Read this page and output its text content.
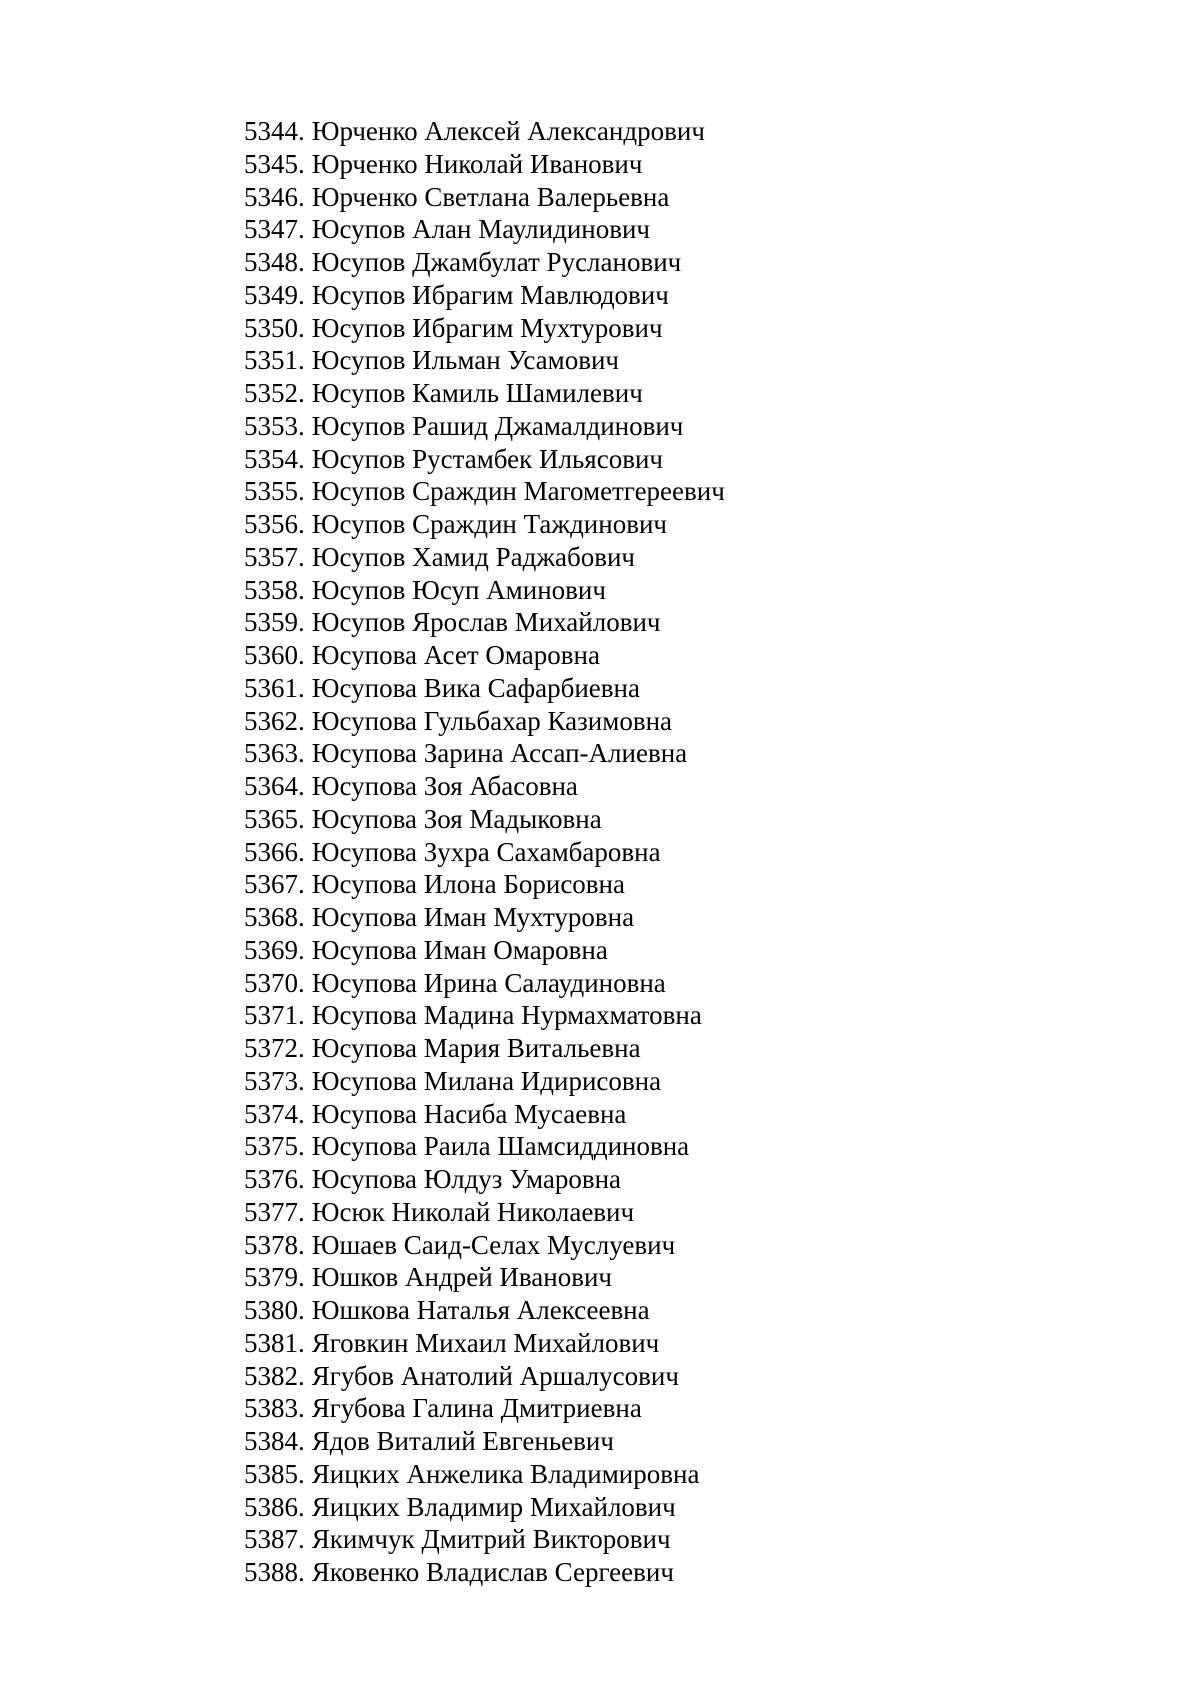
5344. Юрченко Алексей Александрович
5345. Юрченко Николай Иванович
5346. Юрченко Светлана Валерьевна
5347. Юсупов Алан Маулидинович
5348. Юсупов Джамбулат Русланович
5349. Юсупов Ибрагим Мавлюдович
5350. Юсупов Ибрагим Мухтурович
5351. Юсупов Ильман Усамович
5352. Юсупов Камиль Шамилевич
5353. Юсупов Рашид Джамалдинович
5354. Юсупов Рустамбек Ильясович
5355. Юсупов Сраждин Магометгереевич
5356. Юсупов Сраждин Таждинович
5357. Юсупов Хамид Раджабович
5358. Юсупов Юсуп Аминович
5359. Юсупов Ярослав Михайлович
5360. Юсупова Асет Омаровна
5361. Юсупова Вика Сафарбиевна
5362. Юсупова Гульбахар Казимовна
5363. Юсупова Зарина Ассап-Алиевна
5364. Юсупова Зоя Абасовна
5365. Юсупова Зоя Мадыковна
5366. Юсупова Зухра Сахамбаровна
5367. Юсупова Илона Борисовна
5368. Юсупова Иман Мухтуровна
5369. Юсупова Иман Омаровна
5370. Юсупова Ирина Салаудиновна
5371. Юсупова Мадина Нурмахматовна
5372. Юсупова Мария Витальевна
5373. Юсупова Милана Идирисовна
5374. Юсупова Насиба Мусаевна
5375. Юсупова Раила Шамсиддиновна
5376. Юсупова Юлдуз Умаровна
5377. Юсюк Николай Николаевич
5378. Юшаев Саид-Селах Муслуевич
5379. Юшков Андрей Иванович
5380. Юшкова Наталья Алексеевна
5381. Яговкин Михаил Михайлович
5382. Ягубов Анатолий Аршалусович
5383. Ягубова Галина Дмитриевна
5384. Ядов Виталий Евгеньевич
5385. Яицких Анжелика Владимировна
5386. Яицких Владимир Михайлович
5387. Якимчук Дмитрий Викторович
5388. Яковенко Владислав Сергеевич
